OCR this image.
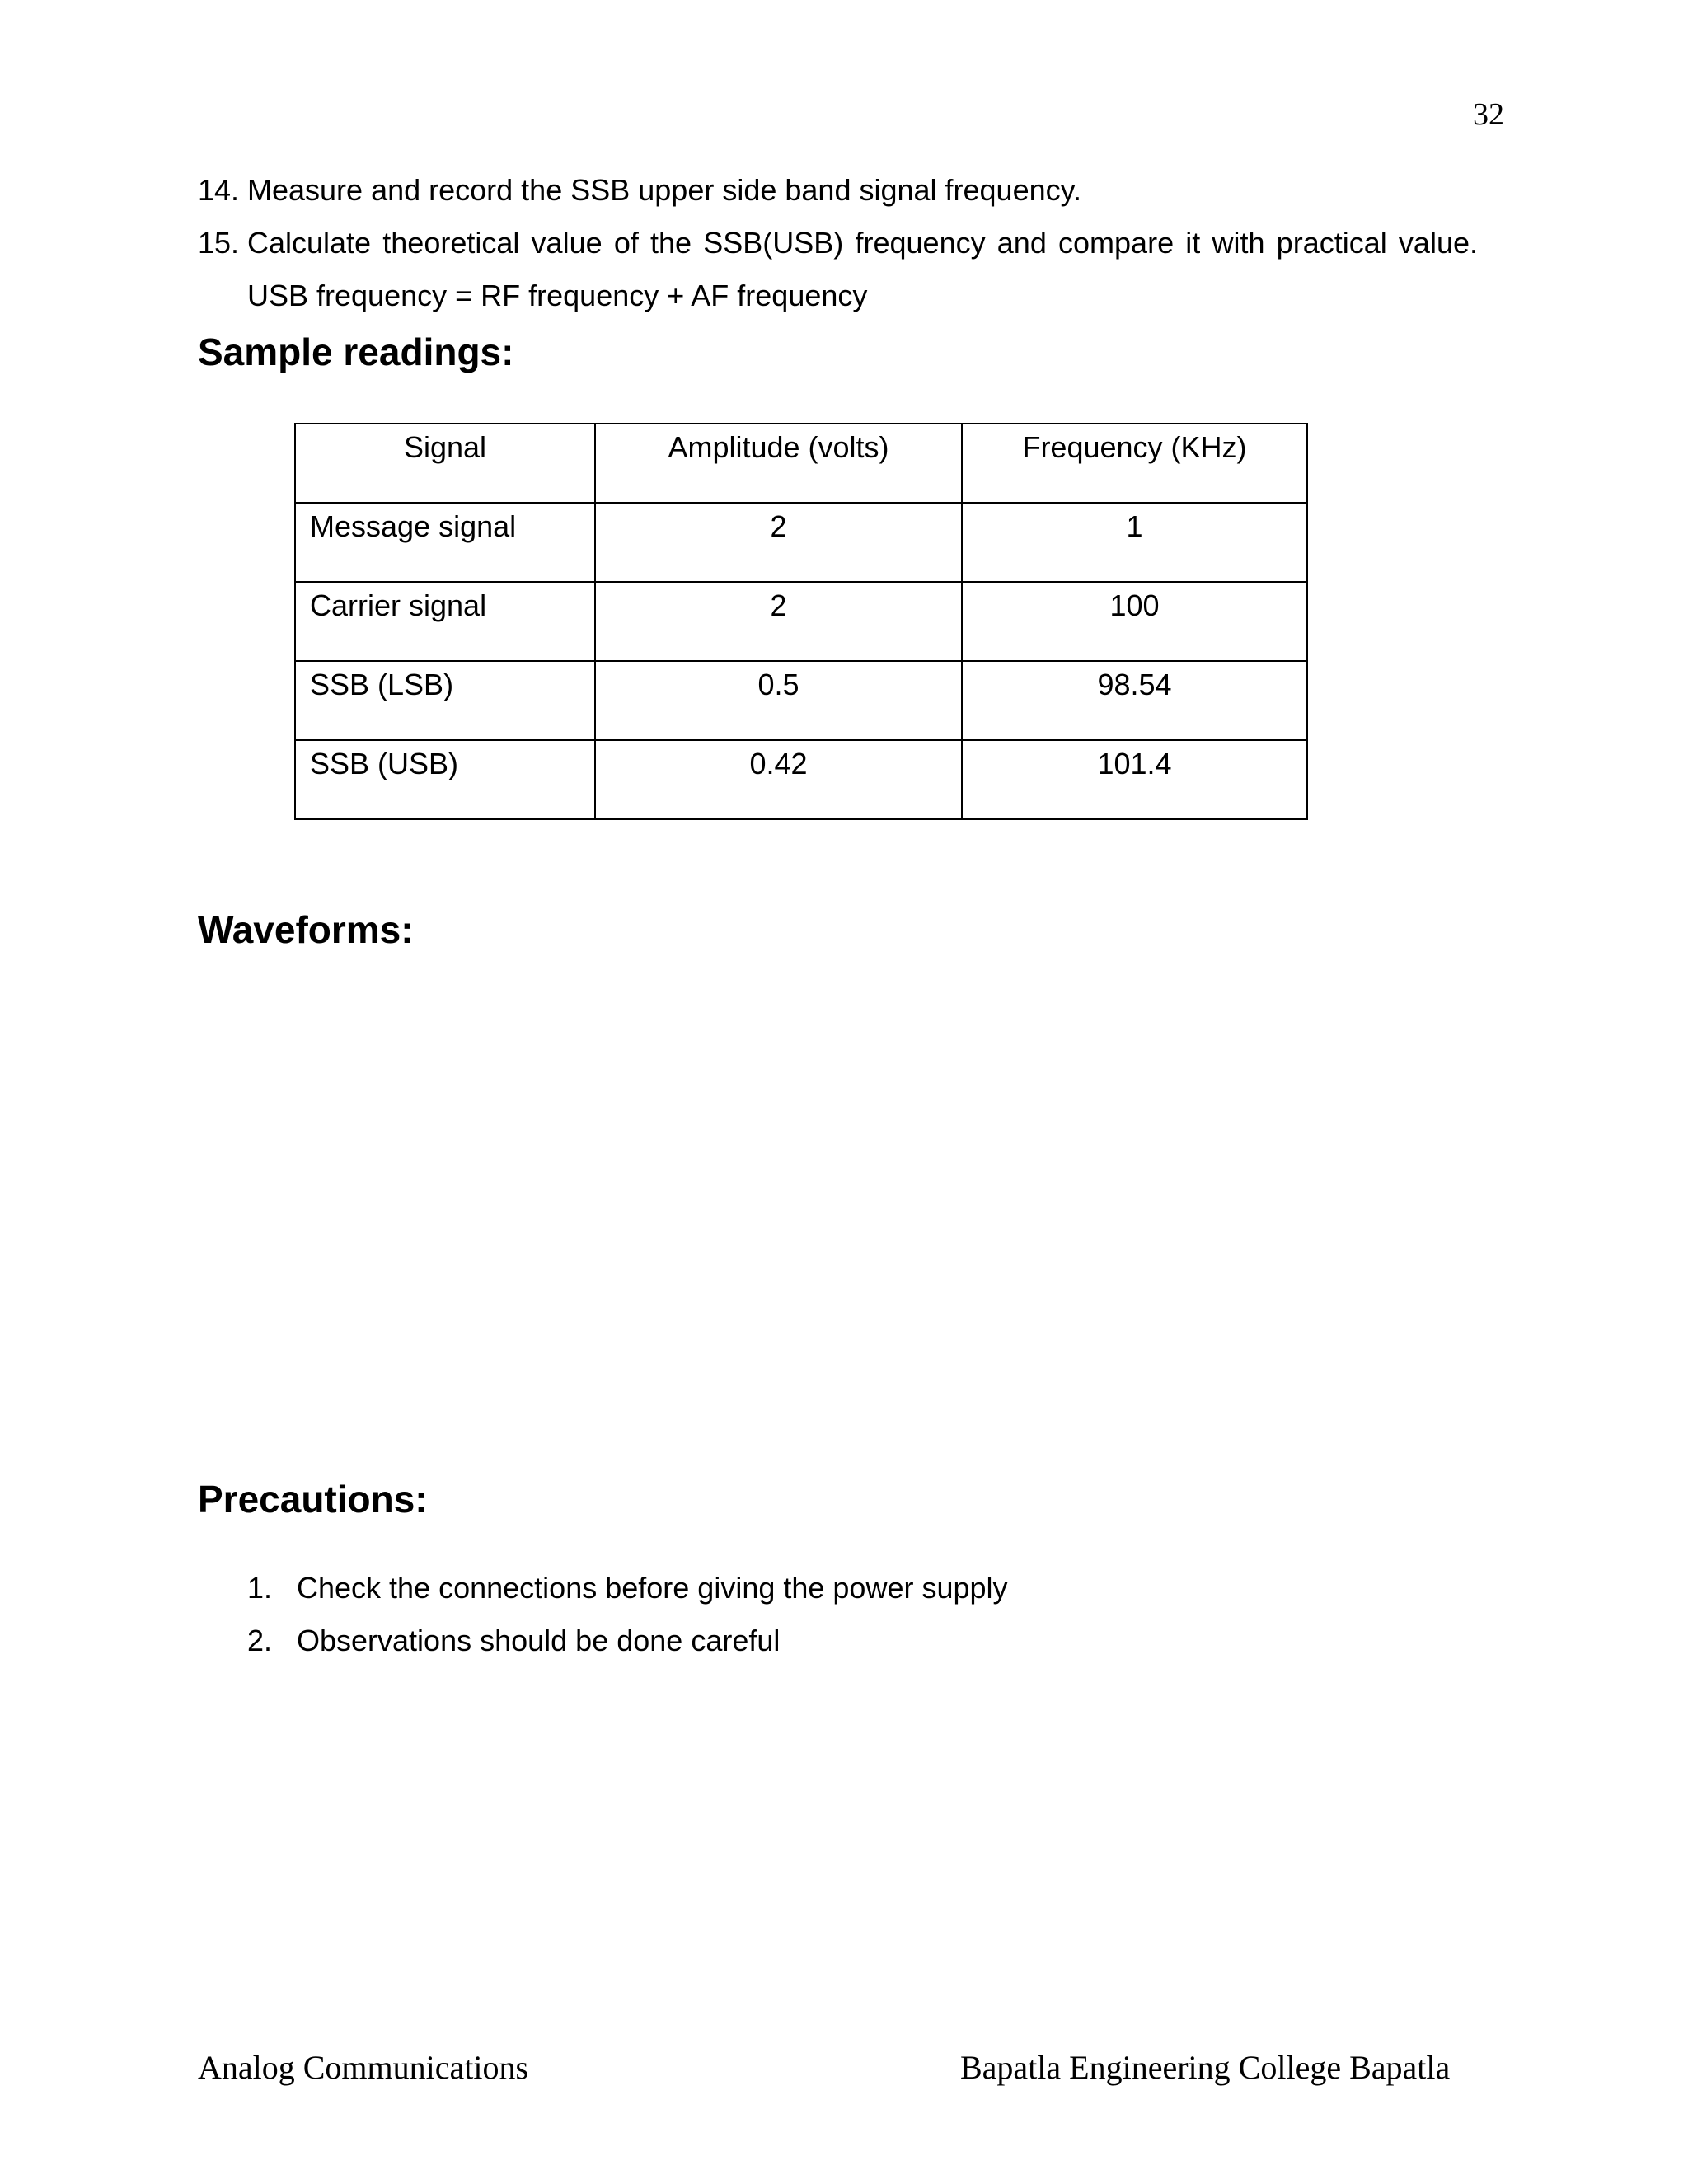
32
14. Measure and record the SSB upper side band signal frequency.
15. Calculate theoretical value of the SSB(USB) frequency and compare it with practical value.
USB frequency = RF frequency + AF frequency
Sample readings:
Signal	Amplitude (volts)	Frequency (KHz)

Message signal	2	1

Carrier signal	2	100

SSB (LSB)	0.5	98.54

SSB (USB)	0.42	101.4
Waveforms:
Precautions:
1. Check the connections before giving the power supply
2. Observations should be done careful
Analog Communications	Bapatla Engineering College Bapatla
